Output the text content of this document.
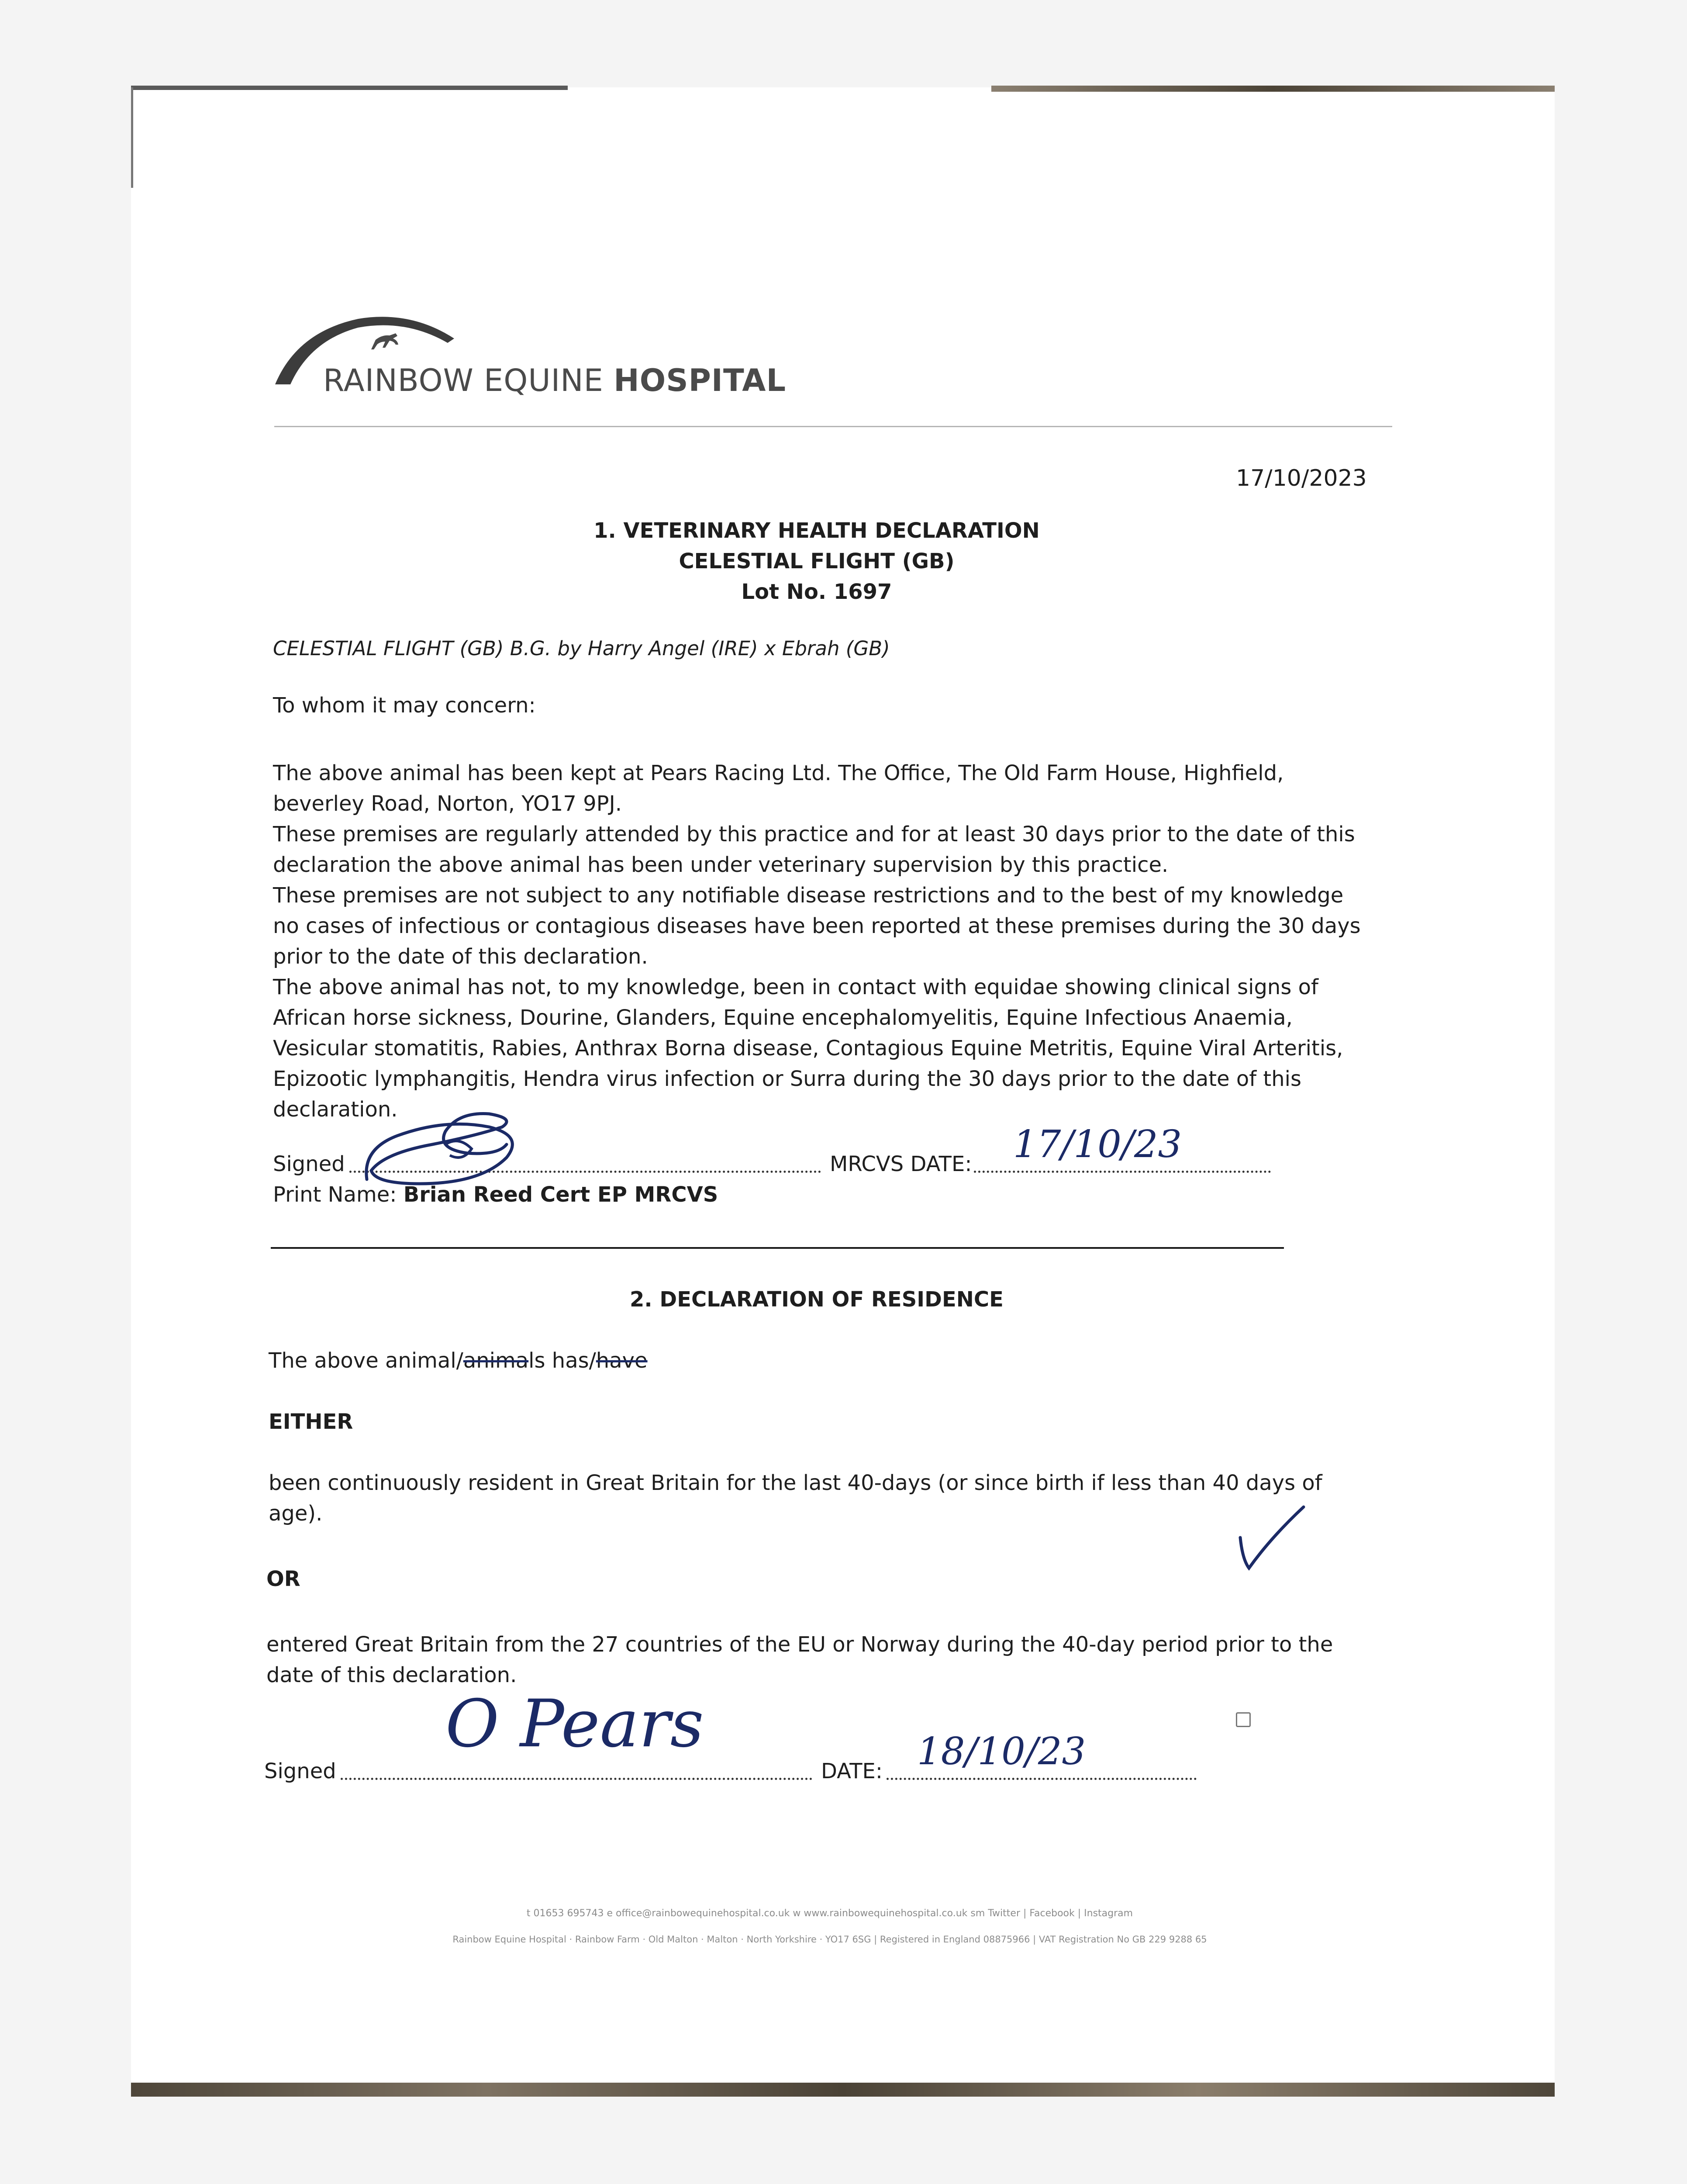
RAINBOW EQUINE HOSPITAL
17/10/2023
1. VETERINARY HEALTH DECLARATION
CELESTIAL FLIGHT (GB)
Lot No. 1697
CELESTIAL FLIGHT (GB) B.G. by Harry Angel (IRE) x Ebrah (GB)
To whom it may concern:
The above animal has been kept at Pears Racing Ltd. The Office, The Old Farm House, Highfield,
beverley Road, Norton, YO17 9PJ.
These premises are regularly attended by this practice and for at least 30 days prior to the date of this
declaration the above animal has been under veterinary supervision by this practice.
These premises are not subject to any notifiable disease restrictions and to the best of my knowledge
no cases of infectious or contagious diseases have been reported at these premises during the 30 days
prior to the date of this declaration.
The above animal has not, to my knowledge, been in contact with equidae showing clinical signs of
African horse sickness, Dourine, Glanders, Equine encephalomyelitis, Equine Infectious Anaemia,
Vesicular stomatitis, Rabies, Anthrax Borna disease, Contagious Equine Metritis, Equine Viral Arteritis,
Epizootic lymphangitis, Hendra virus infection or Surra during the 30 days prior to the date of this
declaration.
Signed	MRCVS DATE: 17/10/23
Print Name: Brian Reed Cert EP MRCVS
2. DECLARATION OF RESIDENCE
The above animal/animals has/have
EITHER
been continuously resident in Great Britain for the last 40-days (or since birth if less than 40 days of
age).
OR
entered Great Britain from the 27 countries of the EU or Norway during the 40-day period prior to the
date of this declaration.
Signed
O Pears
DATE: 18/10/23
t 01653 695743 e office@rainbowequinehospital.co.uk w www.rainbowequinehospital.co.uk sm Twitter | Facebook | Instagram
Rainbow Equine Hospital · Rainbow Farm · Old Malton · Malton · North Yorkshire · YO17 6SG | Registered in England 08875966 | VAT Registration No GB 229 9288 65
